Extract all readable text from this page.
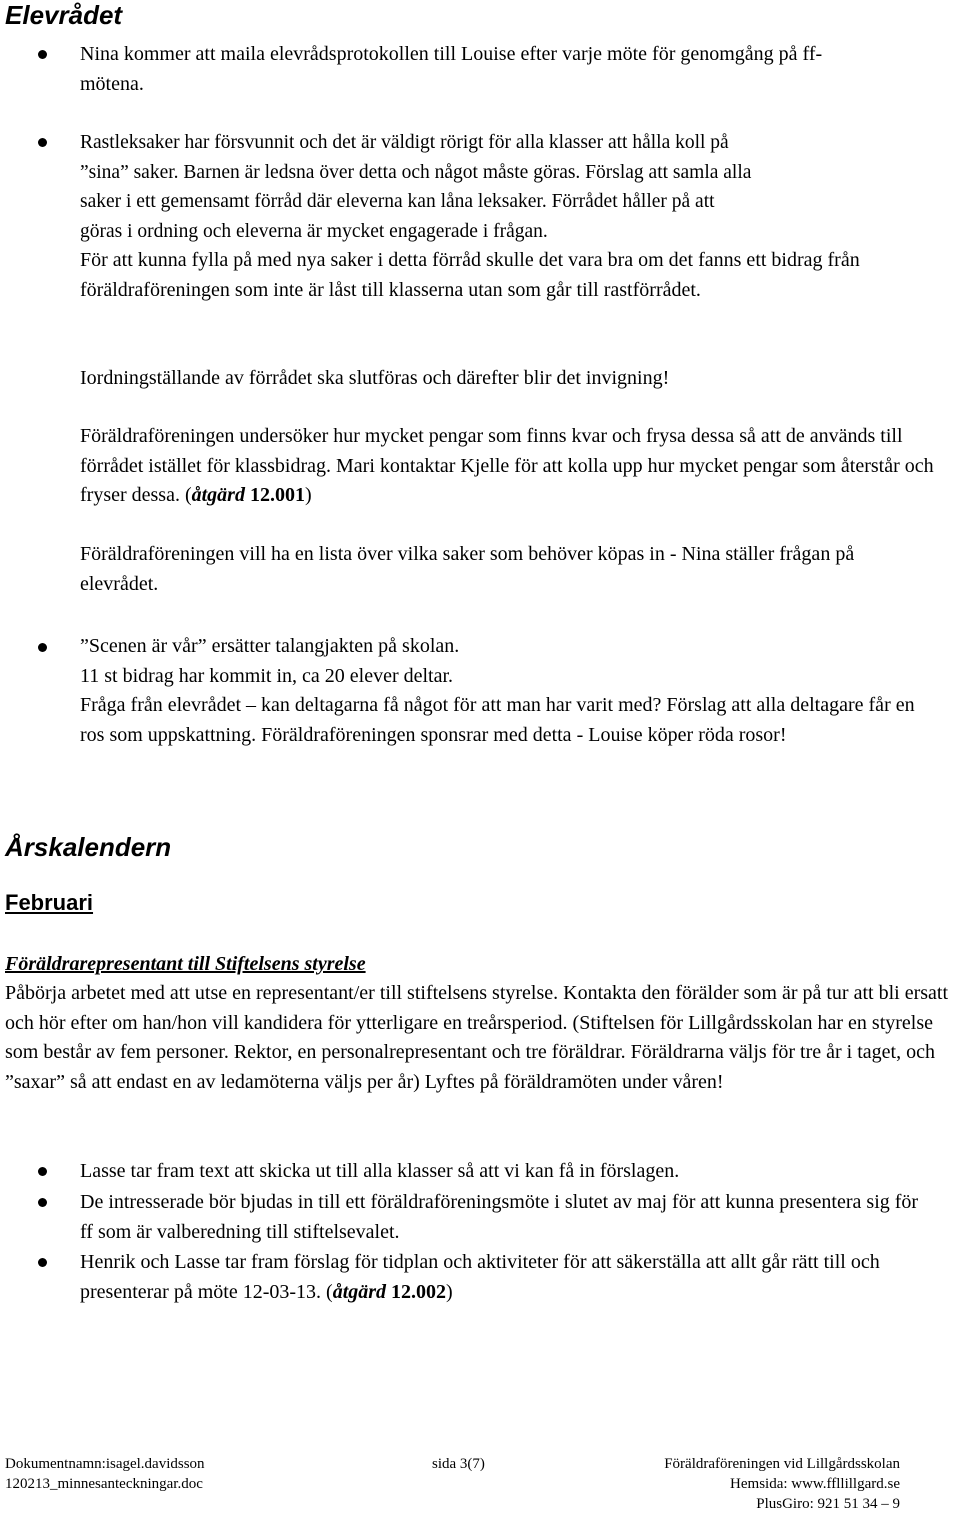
Elevrådet

Nina kommer att maila elevrådsprotokollen till Louise efter varje möte för genomgång på ff-mötena.

Rastleksaker har försvunnit och det är väldigt rörigt för alla klasser att hålla koll på
”sina” saker. Barnen är ledsna över detta och något måste göras. Förslag att samla alla
saker i ett gemensamt förråd där eleverna kan låna leksaker. Förrådet håller på att
göras i ordning och eleverna är mycket engagerade i frågan.

För att kunna fylla på med nya saker i detta förråd skulle det vara bra om det fanns ett bidrag från föräldraföreningen som inte är låst till klasserna utan som går till rastförrådet.

Iordningställande av förrådet ska slutföras och därefter blir det invigning!

Föräldraföreningen undersöker hur mycket pengar som finns kvar och frysa dessa så att de används till förrådet istället för klassbidrag. Mari kontaktar Kjelle för att kolla upp hur mycket pengar som återstår och fryser dessa. (åtgärd 12.001)

Föräldraföreningen vill ha en lista över vilka saker som behöver köpas in - Nina ställer frågan på elevrådet.

”Scenen är vår” ersätter talangjakten på skolan.
11 st bidrag har kommit in, ca 20 elever deltar.
Fråga från elevrådet – kan deltagarna få något för att man har varit med? Förslag att alla deltagare får en ros som uppskattning. Föräldraföreningen sponsrar med detta - Louise köper röda rosor!
Årskalendern
Februari

Föräldrarepresentant till Stiftelsens styrelse

Påbörja arbetet med att utse en representant/er till stiftelsens styrelse. Kontakta den förälder som är på tur att bli ersatt och hör efter om han/hon vill kandidera för ytterligare en treårsperiod. (Stiftelsen för Lillgårdsskolan har en styrelse som består av fem personer. Rektor, en personalrepresentant och tre föräldrar. Föräldrarna väljs för tre år i taget, och ”saxar” så att endast en av ledamöterna väljs per år) Lyftes på föräldramöten under våren!

Lasse tar fram text att skicka ut till alla klasser så att vi kan få in förslagen.

De intresserade bör bjudas in till ett föräldraföreningsmöte i slutet av maj för att kunna presentera sig för ff som är valberedning till stiftelsevalet.

Henrik och Lasse tar fram förslag för tidplan och aktiviteter för att säkerställa att allt går rätt till och presenterar på möte 12-03-13. (åtgärd 12.002)

Dokumentnamn:isagel.davidsson
120213_minnesanteckningar.doc
sida 3(7)	Föräldraföreningen vid Lillgårdsskolan
Hemsida: www.ffllillgard.se
PlusGiro: 921 51 34 – 9
